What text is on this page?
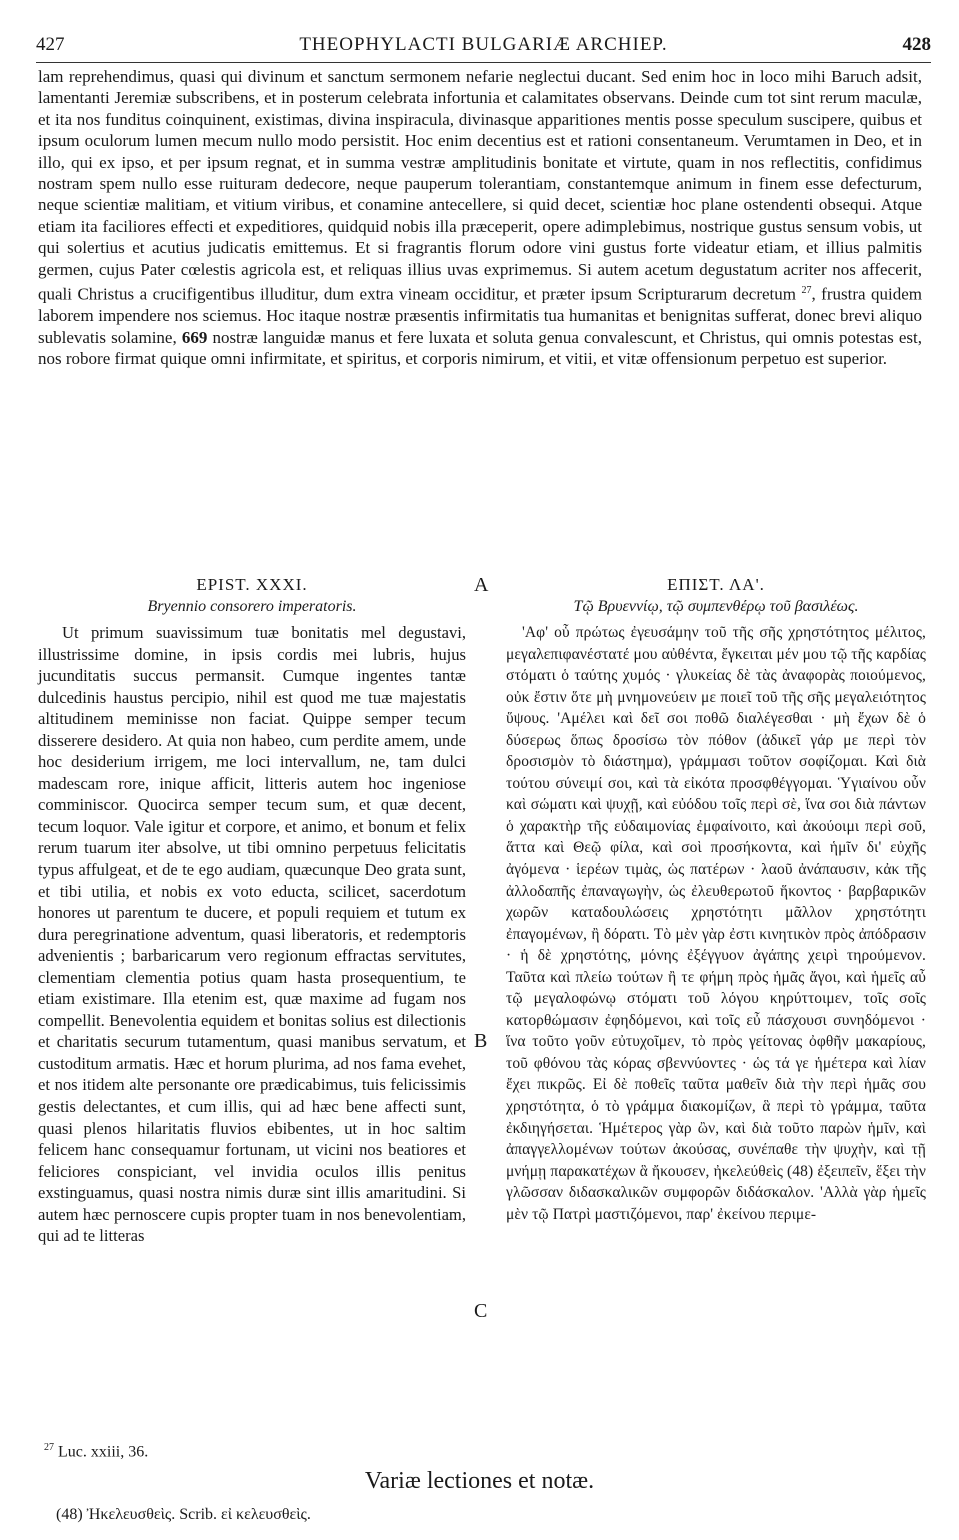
427	THEOPHYLACTI BULGARIÆ ARCHIEP.	428

lam reprehendimus, quasi qui divinum et sanctum sermonem nefarie neglectui ducant. Sed enim hoc in loco mihi Baruch adsit, lamentanti Jeremiæ subscribens, et in posterum celebrata infortunia et calamitates observans. Deinde cum tot sint rerum maculæ, et ita nos funditus coinquinent, existimas, divina inspiracula, divinasque apparitiones mentis posse speculum suscipere, quibus et ipsum oculorum lumen mecum nullo modo persistit. Hoc enim decentius est et rationi consentaneum. Verumtamen in Deo, et in illo, qui ex ipso, et per ipsum regnat, et in summa vestræ amplitudinis bonitate et virtute, quam in nos reflectitis, confidimus nostram spem nullo esse ruituram dedecore, neque pauperum tolerantiam, constantemque animum in finem esse defecturum, neque scientiæ malitiam, et vitium viribus, et conamine antecellere, si quid decet, scientiæ hoc plane ostendenti obsequi. Atque etiam ita faciliores effecti et expeditiores, quidquid nobis illa præceperit, opere adimplebimus, nostrique gustus sensum vobis, ut qui solertius et acutius judicatis emittemus. Et si fragrantis florum odore vini gustus forte videatur etiam, et illius palmitis germen, cujus Pater cœlestis agricola est, et reliquas illius uvas exprimemus. Si autem acetum degustatum acriter nos affecerit, quali Christus a crucifigentibus illuditur, dum extra vineam occiditur, et præter ipsum Scripturarum decretum $^{27}$, frustra quidem laborem impendere nos sciemus. Hoc itaque nostræ præsentis infirmitatis tua humanitas et benignitas sufferat, donec brevi aliquo sublevatis solamine, 669 nostræ languidæ manus et fere luxata et soluta genua convalescunt, et Christus, qui omnis potestas est, nos robore firmat quique omni infirmitate, et spiritus, et corporis nimirum, et vitii, et vitæ offensionum perpetuo est superior.

EPIST. XXXI.
Bryennio consorero imperatoris.

Ut primum suavissimum tuæ bonitatis mel degustavi, illustrissime domine, in ipsis cordis mei lubris, hujus jucunditatis succus permansit. Cumque ingentes tantæ dulcedinis haustus percipio, nihil est quod me tuæ majestatis altitudinem meminisse non faciat. Quippe semper tecum disserere desidero. At quia non habeo, cum perdite amem, unde hoc desiderium irrigem, me loci intervallum, ne, tam dulci madescam rore, inique afficit, litteris autem hoc ingeniose comminiscor. Quocirca semper tecum sum, et quæ decent, tecum loquor. Vale igitur et corpore, et animo, et bonum et felix rerum tuarum iter absolve, ut tibi omnino perpetuus felicitatis typus affulgeat, et de te ego audiam, quæcunque Deo grata sunt, et tibi utilia, et nobis ex voto educta, scilicet, sacerdotum honores ut parentum te ducere, et populi requiem et tutum ex dura peregrinatione adventum, quasi liberatoris, et redemptoris advenientis ; barbaricarum vero regionum effractas servitutes, clementiam clementia potius quam hasta prosequentium, te etiam existimare. Illa etenim est, quæ maxime ad fugam nos compellit. Benevolentia equidem et bonitas solius est dilectionis et charitatis securum tutamentum, quasi manibus servatum, et custoditum armatis. Hæc et horum plurima, ad nos fama evehet, et nos itidem alte personante ore prædicabimus, tuis felicissimis gestis delectantes, et cum illis, qui ad hæc bene affecti sunt, quasi plenos hilaritatis fluvios ebibentes, ut in hoc saltim felicem hanc consequamur fortunam, ut vicini nos beatiores et feliciores conspiciant, vel invidia oculos illis penitus exstinguamus, quasi nostra nimis duræ sint illis amaritudini. Si autem hæc pernoscere cupis propter tuam in nos benevolentiam, qui ad te litteras

A
B
C
ΕΠΙΣΤ. ΛΑ'.
Τῷ Βρυεννίῳ, τῷ συμπενθέρῳ τοῦ βασιλέως.

'Αφ' οὗ πρώτως ἐγευσάμην τοῦ τῆς σῆς χρηστότητος μέλιτος, μεγαλεπιφανέστατέ μου αὐθέντα, ἔγκειται μέν μου τῷ τῆς καρδίας στόματι ὁ ταύτης χυμός · γλυκείας δὲ τὰς ἀναφορὰς ποιούμενος, οὐκ ἔστιν ὅτε μὴ μνημονεύειν με ποιεῖ τοῦ τῆς σῆς μεγαλειότητος ὕψους. 'Αμέλει καὶ δεῖ σοι ποθῶ διαλέγεσθαι · μὴ ἔχων δὲ ὁ δύσερως ὅπως δροσίσω τὸν πόθον (ἀδικεῖ γάρ με περὶ τὸν δροσισμὸν τὸ διάστημα), γράμμασι τοῦτον σοφίζομαι. Καὶ διὰ τούτου σύνειμί σοι, καὶ τὰ εἰκότα προσφθέγγομαι. Ὑγιαίνου οὖν καὶ σώματι καὶ ψυχῇ, καὶ εὐόδου τοῖς περὶ σὲ, ἵνα σοι διὰ πάντων ὁ χαρακτὴρ τῆς εὐδαιμονίας ἐμφαίνοιτο, καὶ ἀκούοιμι περὶ σοῦ, ἅττα καὶ Θεῷ φίλα, καὶ σοὶ προσήκοντα, καὶ ἡμῖν δι' εὐχῆς ἀγόμενα · ἱερέων τιμὰς, ὡς πατέρων · λαοῦ ἀνάπαυσιν, κἀκ τῆς ἀλλοδαπῆς ἐπαναγωγὴν, ὡς ἐλευθερωτοῦ ἥκοντος · βαρβαρικῶν χωρῶν καταδουλώσεις χρηστότητι μᾶλλον χρηστότητι ἐπαγομένων, ἢ δόρατι. Τὸ μὲν γὰρ ἐστι κινητικὸν πρὸς ἀπόδρασιν · ἡ δὲ χρηστότης, μόνης ἐξέγγυον ἀγάπης χειρὶ τηρούμενον. Ταῦτα καὶ πλείω τούτων ἢ τε φήμη πρὸς ἡμᾶς ἄγοι, καὶ ἡμεῖς αὖ τῷ μεγαλοφώνῳ στόματι τοῦ λόγου κηρύττοιμεν, τοῖς σοῖς κατορθώμασιν ἐφηδόμενοι, καὶ τοῖς εὖ πάσχουσι συνηδόμενοι · ἵνα τοῦτο γοῦν εὐτυχοῖμεν, τὸ πρὸς γείτονας ὀφθῆν μακαρίους, τοῦ φθόνου τὰς κόρας σβεννύοντες · ὡς τά γε ἡμέτερα καὶ λίαν ἔχει πικρῶς. Εἰ δὲ ποθεῖς ταῦτα μαθεῖν διὰ τὴν περὶ ἡμᾶς σου χρηστότητα, ὁ τὸ γράμμα διακομίζων, ἃ περὶ τὸ γράμμα, ταῦτα ἐκδιηγήσεται. Ἡμέτερος γὰρ ὢν, καὶ διὰ τοῦτο παρὼν ἡμῖν, καὶ ἀπαγγελλομένων τούτων ἀκούσας, συνέπαθε τὴν ψυχὴν, καὶ τῇ μνήμῃ παρακατέχων ἃ ἤκουσεν, ἠκελεύθεὶς (48) ἐξειπεῖν, ἕξει τὴν γλῶσσαν διδασκαλικῶν συμφορῶν διδάσκαλον. 'Αλλὰ γὰρ ἡμεῖς μὲν τῷ Πατρὶ μαστιζόμενοι, παρ' ἐκείνου περιμε-

$^{27}$ Luc. xxiii, 36.
Variæ lectiones et notæ.
(48) Ἠκελευσθεὶς. Scrib. εἰ κελευσθεὶς.
